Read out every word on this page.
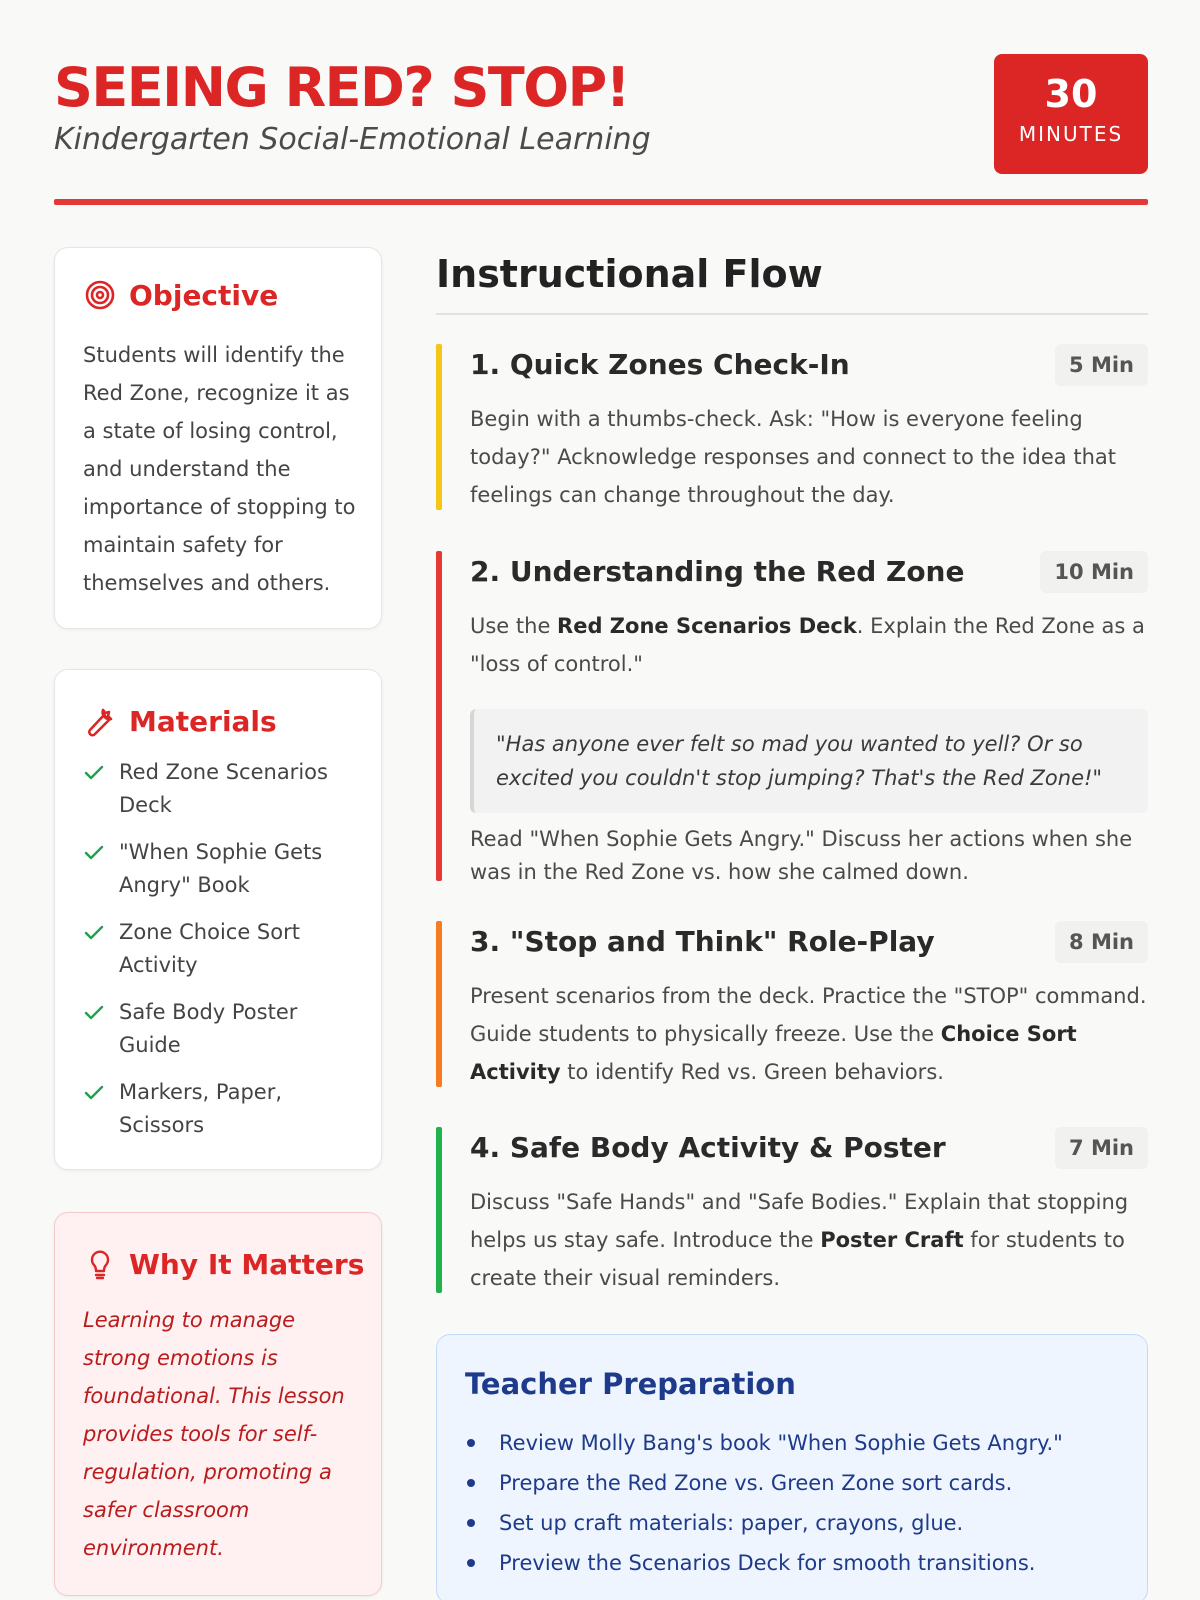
SEEING RED? STOP!
Kindergarten Social-Emotional Learning
30
MINUTES
Objective
Students will identify the Red Zone, recognize it as a state of losing control, and understand the importance of stopping to maintain safety for themselves and others.
Materials
Red Zone Scenarios Deck
"When Sophie Gets Angry" Book
Zone Choice Sort Activity
Safe Body Poster Guide
Markers, Paper, Scissors
Why It Matters
Learning to manage strong emotions is foundational. This lesson provides tools for self-regulation, promoting a safer classroom environment.
Instructional Flow
1. Quick Zones Check-In	5 Min
Begin with a thumbs-check. Ask: "How is everyone feeling today?" Acknowledge responses and connect to the idea that feelings can change throughout the day.
2. Understanding the Red Zone	10 Min
Use the Red Zone Scenarios Deck. Explain the Red Zone as a "loss of control."
"Has anyone ever felt so mad you wanted to yell? Or so excited you couldn't stop jumping? That's the Red Zone!"
Read "When Sophie Gets Angry." Discuss her actions when she was in the Red Zone vs. how she calmed down.
3. "Stop and Think" Role-Play	8 Min
Present scenarios from the deck. Practice the "STOP" command. Guide students to physically freeze. Use the Choice Sort Activity to identify Red vs. Green behaviors.
4. Safe Body Activity & Poster	7 Min
Discuss "Safe Hands" and "Safe Bodies." Explain that stopping helps us stay safe. Introduce the Poster Craft for students to create their visual reminders.
Teacher Preparation
Review Molly Bang's book "When Sophie Gets Angry."
Prepare the Red Zone vs. Green Zone sort cards.
Set up craft materials: paper, crayons, glue.
Preview the Scenarios Deck for smooth transitions.
